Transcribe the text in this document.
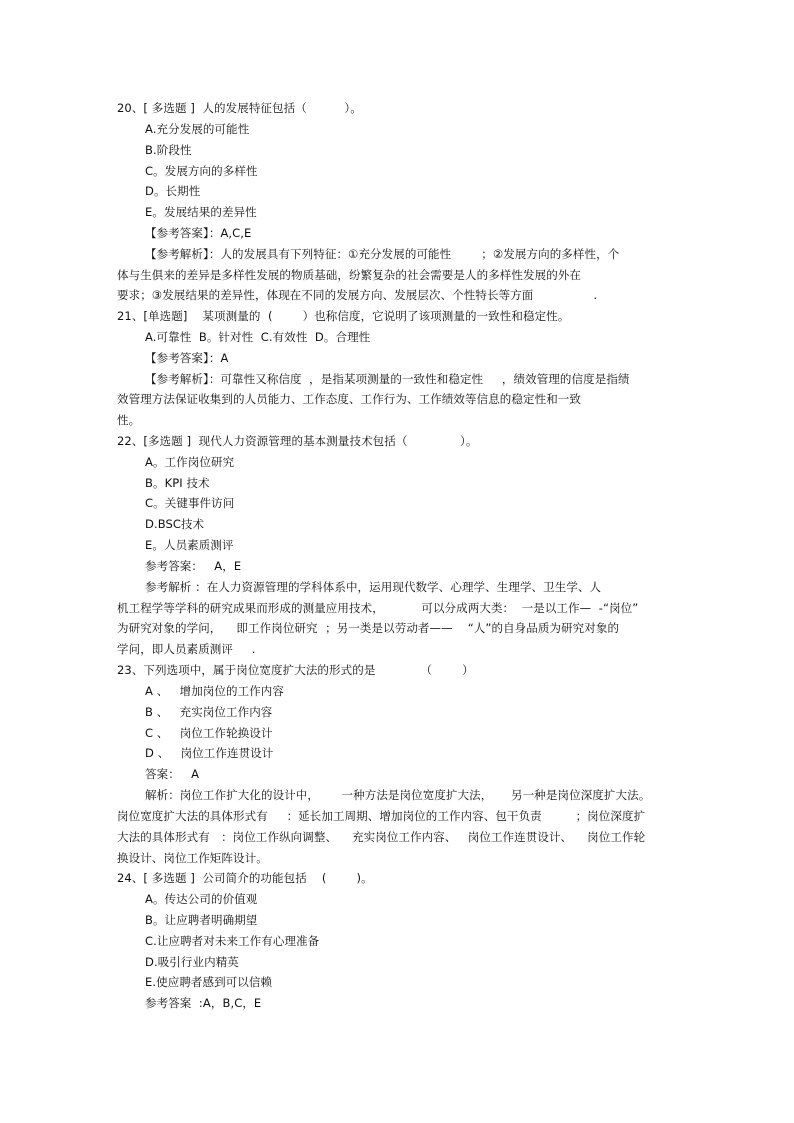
20、[ 多选题 ]  人的发展特征包括（          ）。
A.充分发展的可能性
B.阶段性
C。发展方向的多样性
D。长期性
E。发展结果的差异性
【参考答案】：A,C,E
【参考解析】：人的发展具有下列特征：①充分发展的可能性        ；②发展方向的多样性，个
体与生俱来的差异是多样性发展的物质基础，纷繁复杂的社会需要是人的多样性发展的外在
要求；③发展结果的差异性，体现在不同的发展方向、发展层次、个性特长等方面                .
21、[单选题]    某项测量的  (        ）也称信度，它说明了该项测量的一致性和稳定性。
A.可靠性  B。针对性  C.有效性  D。合理性
【参考答案】：A
【参考解析】：可靠性又称信度  ，是指某项测量的一致性和稳定性     ，绩效管理的信度是指绩
效管理方法保证收集到的人员能力、工作态度、工作行为、工作绩效等信息的稳定性和一致
性。
22、[多选题 ]  现代人力资源管理的基本测量技术包括（              ）。
A。工作岗位研究
B。KPI 技术
C。关键事件访问
D.BSC技术
E。人员素质测评
参考答案：   A，E
参考解析 ：在人力资源管理的学科体系中，运用现代数学、心理学、生理学、卫生学、人
机工程学等学科的研究成果而形成的测量应用技术，          可以分成两大类：  一是以工作—  -“岗位”
为研究对象的学问，    即工作岗位研究  ；另一类是以劳动者——    “人”的自身品质为研究对象的
学问，即人员素质测评     .
23、下列选项中，属于岗位宽度扩大法的形式的是            （        ）
A 、   增加岗位的工作内容
B 、   充实岗位工作内容
C 、   岗位工作轮换设计
D 、   岗位工作连贯设计
答案：   A
解析：岗位工作扩大化的设计中，      一种方法是岗位宽度扩大法，     另一种是岗位深度扩大法。
岗位宽度扩大法的具体形式有     ：延长加工周期、增加岗位的工作内容、包干负责         ；岗位深度扩
大法的具体形式有   ：岗位工作纵向调整、    充实岗位工作内容、   岗位工作连贯设计、    岗位工作轮
换设计、岗位工作矩阵设计。
24、[ 多选题 ]  公司简介的功能包括    (        )。
A。传达公司的价值观
B。让应聘者明确期望
C.让应聘者对未来工作有心理准备
D.吸引行业内精英
E.使应聘者感到可以信赖
参考答案  :A，B,C，E
